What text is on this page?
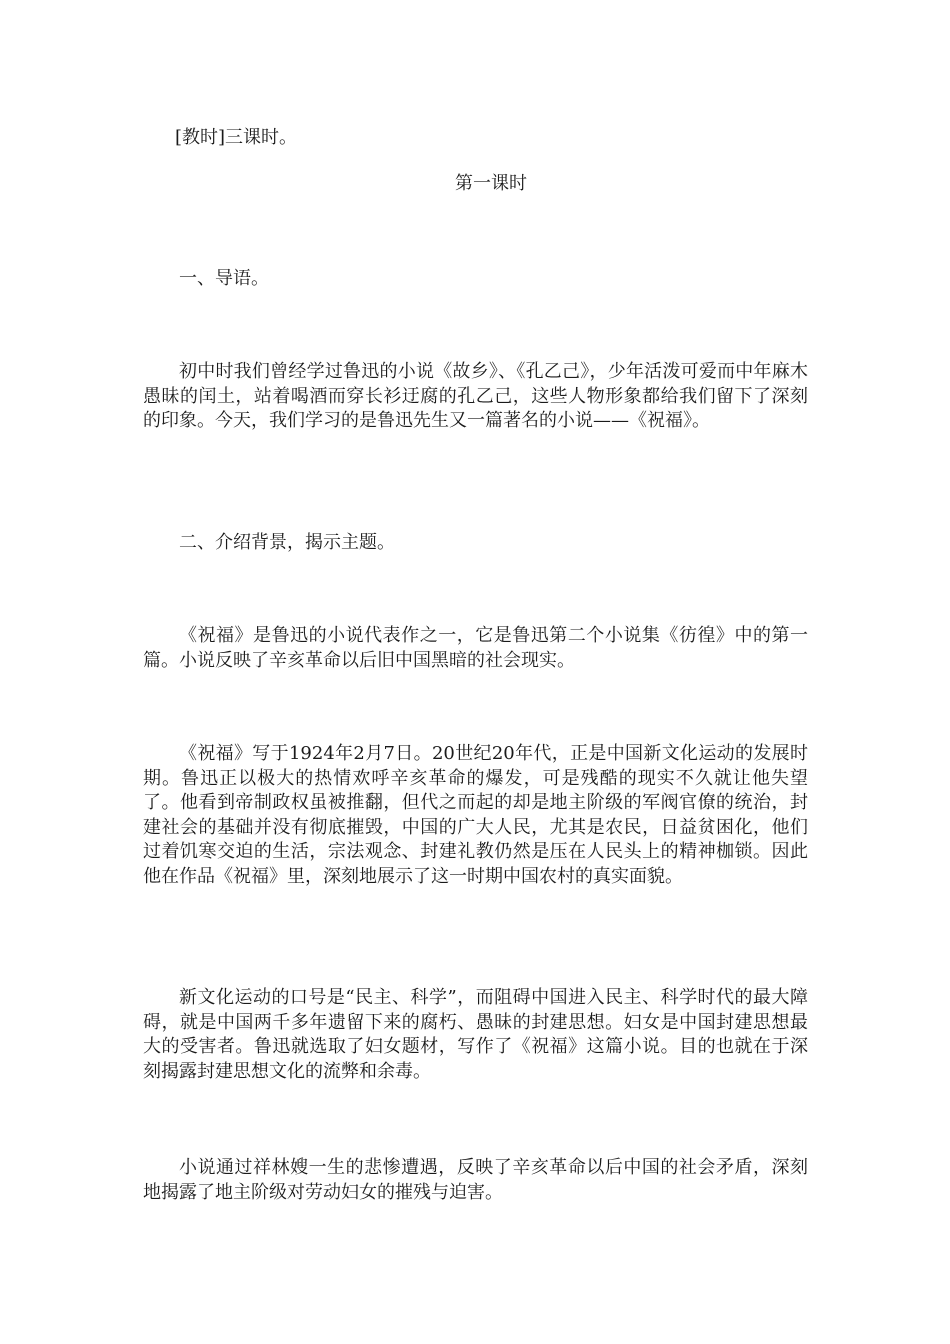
[教时]三课时。

第一课时

一、导语。

初中时我们曾经学过鲁迅的小说《故乡》、《孔乙己》，少年活泼可爱而中年麻木愚昧的闰土，站着喝酒而穿长衫迂腐的孔乙己，这些人物形象都给我们留下了深刻的印象。今天，我们学习的是鲁迅先生又一篇著名的小说——《祝福》。

二、介绍背景，揭示主题。

《祝福》是鲁迅的小说代表作之一，它是鲁迅第二个小说集《彷徨》中的第一篇。小说反映了辛亥革命以后旧中国黑暗的社会现实。

《祝福》写于1924年2月7日。20世纪20年代，正是中国新文化运动的发展时期。鲁迅正以极大的热情欢呼辛亥革命的爆发，可是残酷的现实不久就让他失望了。他看到帝制政权虽被推翻，但代之而起的却是地主阶级的军阀官僚的统治，封建社会的基础并没有彻底摧毁，中国的广大人民，尤其是农民，日益贫困化，他们过着饥寒交迫的生活，宗法观念、封建礼教仍然是压在人民头上的精神枷锁。因此他在作品《祝福》里，深刻地展示了这一时期中国农村的真实面貌。

新文化运动的口号是“民主、科学”，而阻碍中国进入民主、科学时代的最大障碍，就是中国两千多年遗留下来的腐朽、愚昧的封建思想。妇女是中国封建思想最大的受害者。鲁迅就选取了妇女题材，写作了《祝福》这篇小说。目的也就在于深刻揭露封建思想文化的流弊和余毒。

小说通过祥林嫂一生的悲惨遭遇，反映了辛亥革命以后中国的社会矛盾，深刻地揭露了地主阶级对劳动妇女的摧残与迫害。
